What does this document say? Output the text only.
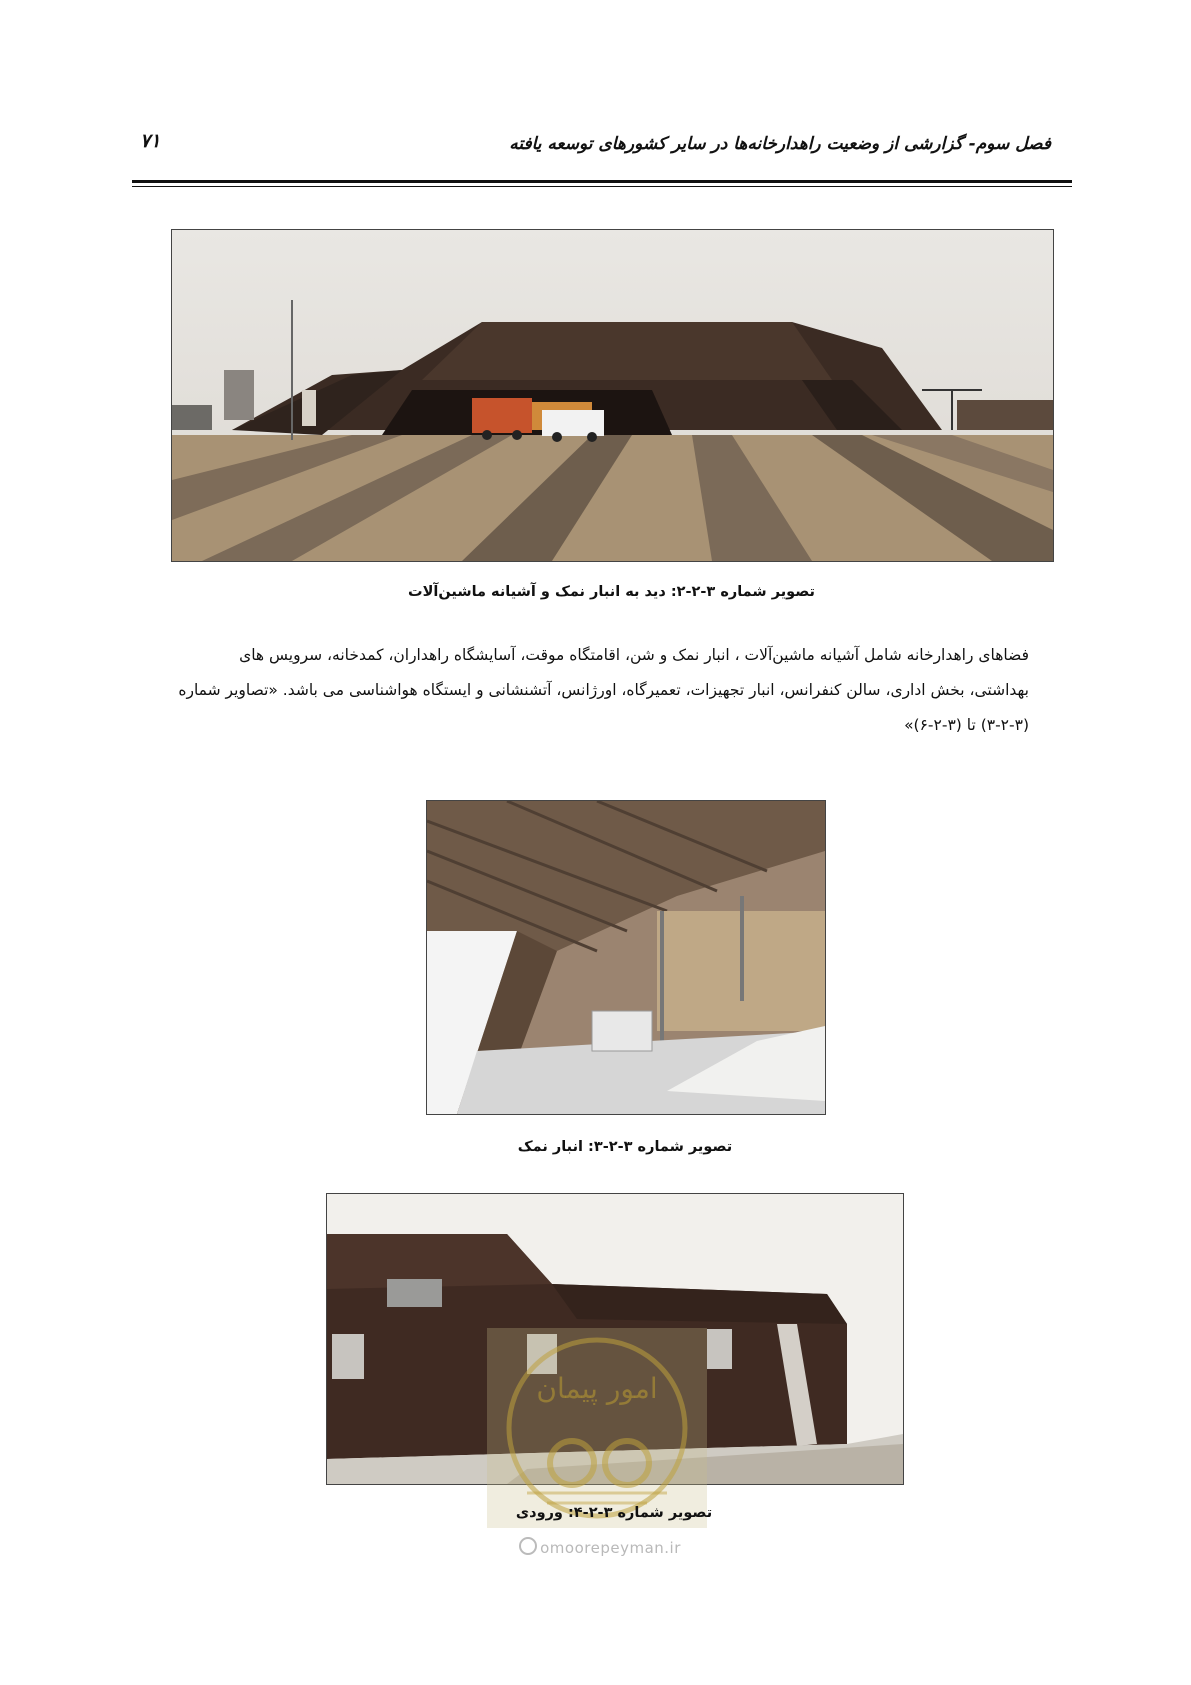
فصل سوم- گزارشی از وضعیت راهدارخانه‌ها در سایر کشورهای توسعه یافته
۷۱
تصویر شماره ۳-۲-۲: دید به انبار نمک و آشیانه ماشین‌آلات

فضاهای راهدارخانه شامل آشیانه ماشین‌آلات ، انبار نمک و شن، اقامتگاه موقت، آسایشگاه راهداران، کمدخانه، سرویس های
بهداشتی، بخش اداری، سالن کنفرانس، انبار تجهیزات، تعمیرگاه، اورژانس، آتشنشانی و ایستگاه هواشناسی می باشد. «تصاویر شماره
(۳-۲-۳) تا (۳-۲-۶)»

تصویر شماره ۳-۲-۳: انبار نمک
امور پیمان
تصویر شماره ۳-۲-۴: ورودی
omoorepeyman.ir
